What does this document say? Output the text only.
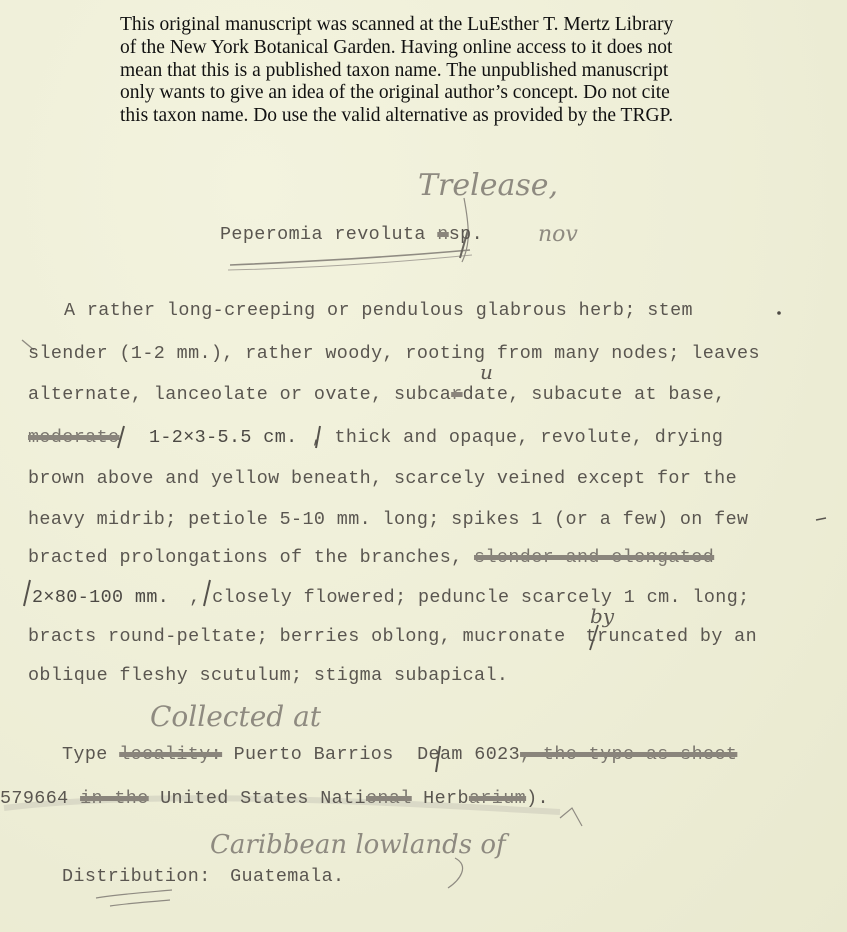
This original manuscript was scanned at the LuEsther T. Mertz Library
of the New York Botanical Garden. Having online access to it does not
mean that this is a published taxon name. The unpublished manuscript
only wants to give an idea of the original author’s concept. Do not cite
this taxon name. Do use the valid alternative as provided by the TRGP.
Trelease,
nov
Peperomia revoluta nsp.
A rather long-creeping or pendulous glabrous herb; stem
slender (1-2 mm.), rather woody, rooting from many nodes; leaves
u
alternate, lanceolate or ovate, subcardate, subacute at base,
moderate 1-2×3-5.5 cm. , thick and opaque, revolute, drying
brown above and yellow beneath, scarcely veined except for the
heavy midrib; petiole 5-10 mm. long; spikes 1 (or a few) on few
bracted prolongations of the branches, slender and elongated
2×80-100 mm. , closely flowered; peduncle scarcely 1 cm. long;
by
bracts round-peltate; berries oblong, mucronate truncated by an
oblique fleshy scutulum; stigma subapical.
Collected at
Type locality: Puerto Barrios Deam 6023, the type as sheet
579664 in the United States National Herbarium).
Caribbean lowlands of
Distribution: Guatemala.
